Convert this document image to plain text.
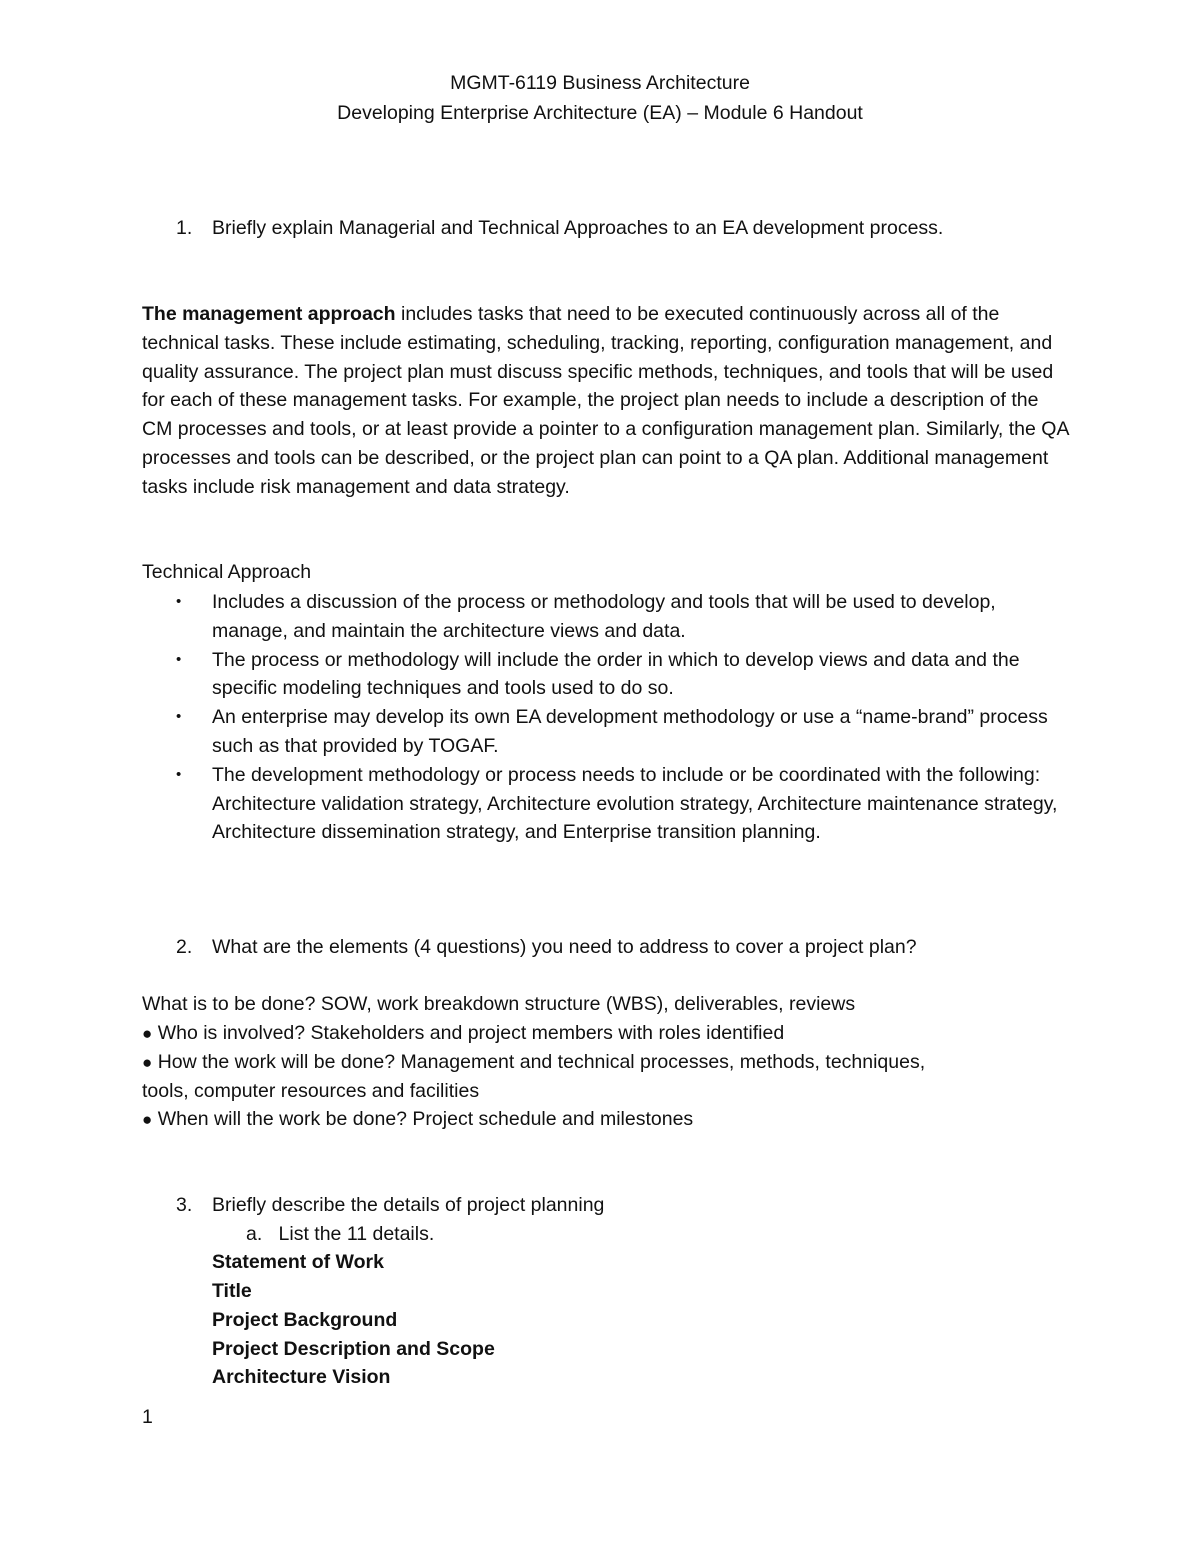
MGMT-6119 Business Architecture
Developing Enterprise Architecture (EA) – Module 6 Handout
1. Briefly explain Managerial and Technical Approaches to an EA development process.

The management approach includes tasks that need to be executed continuously across all of the technical tasks. These include estimating, scheduling, tracking, reporting, configuration management, and quality assurance. The project plan must discuss specific methods, techniques, and tools that will be used for each of these management tasks. For example, the project plan needs to include a description of the CM processes and tools, or at least provide a pointer to a configuration management plan. Similarly, the QA processes and tools can be described, or the project plan can point to a QA plan. Additional management tasks include risk management and data strategy.

Technical Approach
• Includes a discussion of the process or methodology and tools that will be used to develop, manage, and maintain the architecture views and data.
• The process or methodology will include the order in which to develop views and data and the specific modeling techniques and tools used to do so.
• An enterprise may develop its own EA development methodology or use a “name-brand” process such as that provided by TOGAF.
• The development methodology or process needs to include or be coordinated with the following: Architecture validation strategy, Architecture evolution strategy, Architecture maintenance strategy, Architecture dissemination strategy, and Enterprise transition planning.
2. What are the elements (4 questions) you need to address to cover a project plan?
What is to be done? SOW, work breakdown structure (WBS), deliverables, reviews
● Who is involved? Stakeholders and project members with roles identified
● How the work will be done? Management and technical processes, methods, techniques,
tools, computer resources and facilities
● When will the work be done? Project schedule and milestones
3. Briefly describe the details of project planning
a. List the 11 details.
Statement of Work
Title
Project Background
Project Description and Scope
Architecture Vision
1
